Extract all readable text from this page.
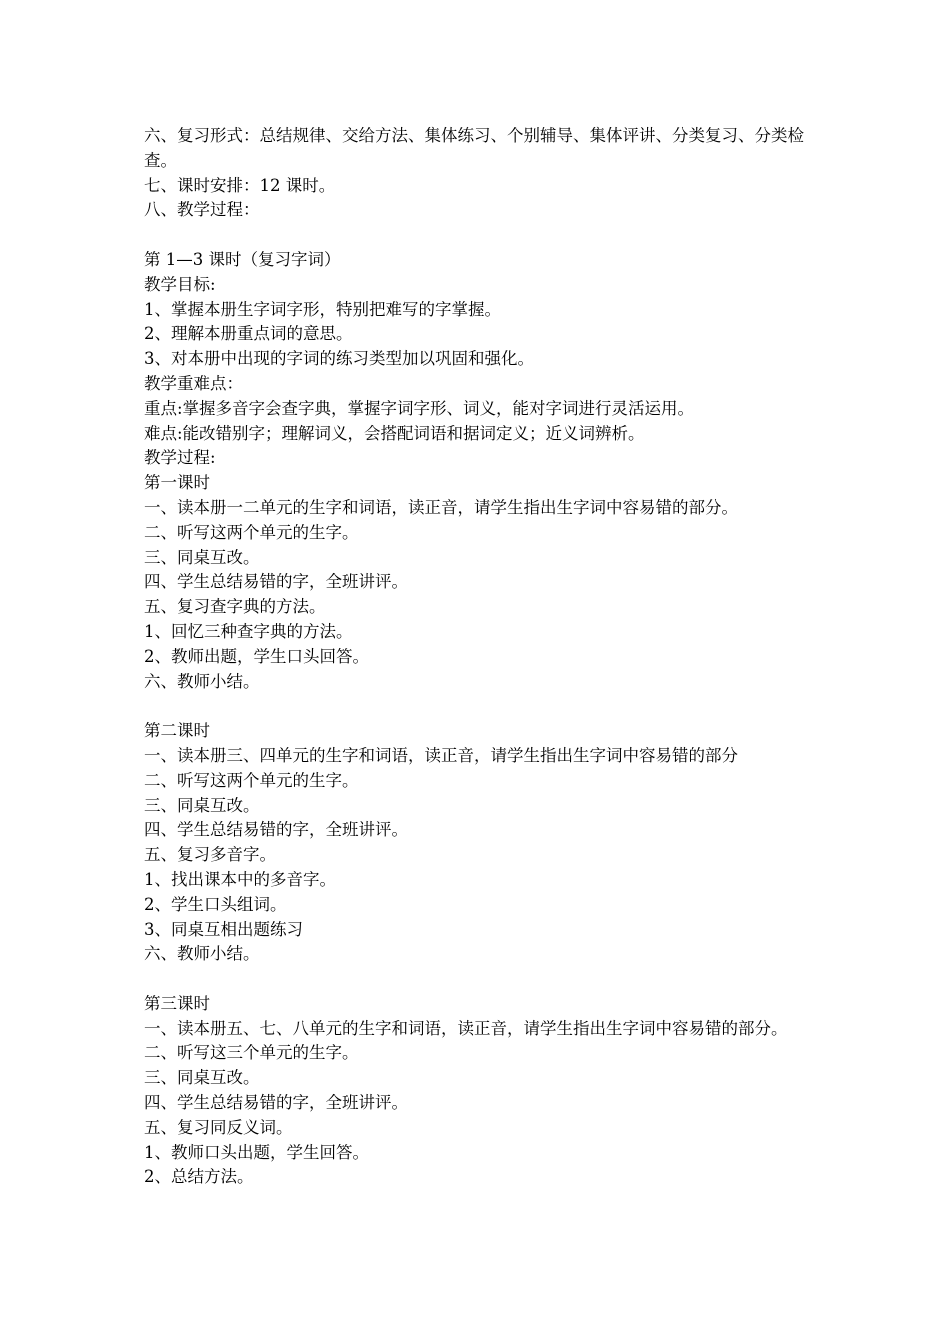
六、复习形式：总结规律、交给方法、集体练习、个别辅导、集体评讲、分类复习、分类检查。
七、课时安排：12 课时。
八、教学过程：
第 1—3 课时（复习字词）
教学目标:
1、掌握本册生字词字形，特别把难写的字掌握。
2、理解本册重点词的意思。
3、对本册中出现的字词的练习类型加以巩固和强化。
教学重难点：
重点:掌握多音字会查字典，掌握字词字形、词义，能对字词进行灵活运用。
难点:能改错别字；理解词义，会搭配词语和据词定义；近义词辨析。
教学过程:
第一课时
一、读本册一二单元的生字和词语，读正音，请学生指出生字词中容易错的部分。
二、听写这两个单元的生字。
三、同桌互改。
四、学生总结易错的字，全班讲评。
五、复习查字典的方法。
1、回忆三种查字典的方法。
2、教师出题，学生口头回答。
六、教师小结。
第二课时
一、读本册三、四单元的生字和词语，读正音，请学生指出生字词中容易错的部分
二、听写这两个单元的生字。
三、同桌互改。
四、学生总结易错的字，全班讲评。
五、复习多音字。
1、找出课本中的多音字。
2、学生口头组词。
3、同桌互相出题练习
六、教师小结。
第三课时
一、读本册五、七、八单元的生字和词语，读正音，请学生指出生字词中容易错的部分。
二、听写这三个单元的生字。
三、同桌互改。
四、学生总结易错的字，全班讲评。
五、复习同反义词。
1、教师口头出题，学生回答。
2、总结方法。
